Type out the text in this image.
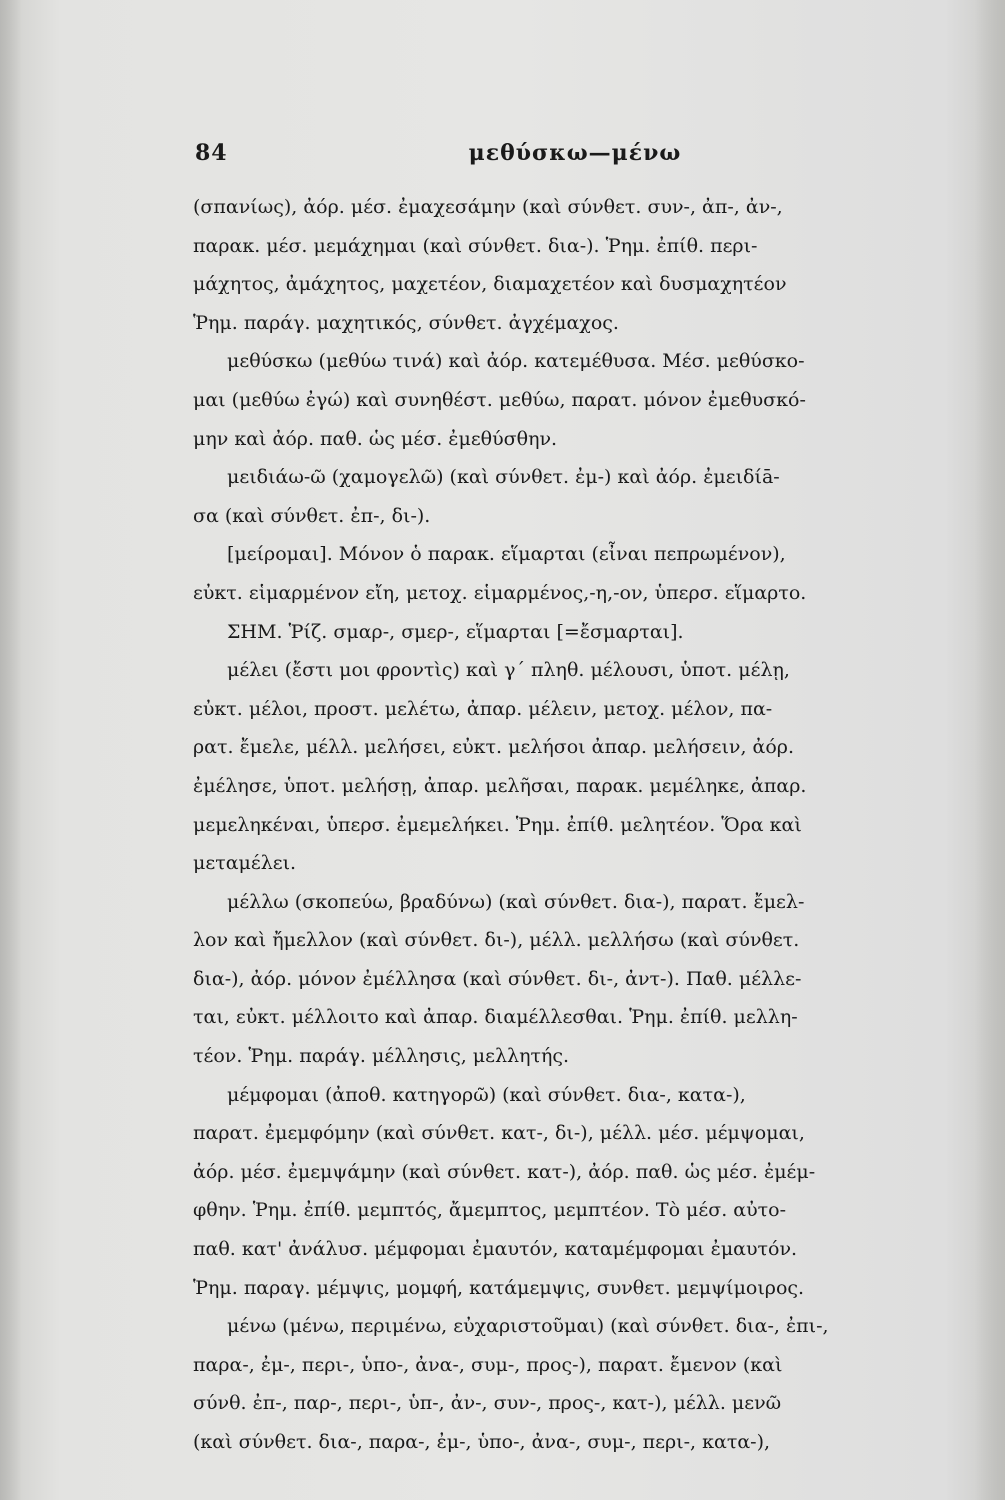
84	μεθύσκω—μένω
(σπανίως), ἀόρ. μέσ. ἐμαχεσάμην (καὶ σύνθετ. συν-, ἀπ-, ἀν-,
παρακ. μέσ. μεμάχημαι (καὶ σύνθετ. δια-). Ῥημ. ἐπίθ. περι-
μάχητος, ἀμάχητος, μαχετέον, διαμαχετέον καὶ δυσμαχητέον
Ῥημ. παράγ. μαχητικός, σύνθετ. ἀγχέμαχος.
μεθύσκω (μεθύω τινά) καὶ ἀόρ. κατεμέθυσα. Μέσ. μεθύσκο-
μαι (μεθύω ἐγώ) καὶ συνηθέστ. μεθύω, παρατ. μόνον ἐμεθυσκό-
μην καὶ ἀόρ. παθ. ὡς μέσ. ἐμεθύσθην.
μειδιάω-ῶ (χαμογελῶ) (καὶ σύνθετ. ἐμ-) καὶ ἀόρ. ἐμειδίā-
σα (καὶ σύνθετ. ἐπ-, δι-).
[μείρομαι]. Μόνον ὁ παρακ. εἵμαρται (εἶναι πεπρωμένον),
εὐκτ. εἱμαρμένον εἴη, μετοχ. εἱμαρμένος,-η,-ον, ὑπερσ. εἵμαρτο.
ΣΗΜ. Ῥίζ. σμαρ-, σμερ-, εἵμαρται [=ἔσμαρται].
μέλει (ἔστι μοι φροντὶς) καὶ γ΄ πληθ. μέλουσι, ὑποτ. μέλῃ,
εὐκτ. μέλοι, προστ. μελέτω, ἀπαρ. μέλειν, μετοχ. μέλον, πα-
ρατ. ἔμελε, μέλλ. μελήσει, εὐκτ. μελήσοι ἀπαρ. μελήσειν, ἀόρ.
ἐμέλησε, ὑποτ. μελήσῃ, ἀπαρ. μελῆσαι, παρακ. μεμέληκε, ἀπαρ.
μεμεληκέναι, ὑπερσ. ἐμεμελήκει. Ῥημ. ἐπίθ. μελητέον. Ὅρα καὶ
μεταμέλει.
μέλλω (σκοπεύω, βραδύνω) (καὶ σύνθετ. δια-), παρατ. ἔμελ-
λον καὶ ἤμελλον (καὶ σύνθετ. δι-), μέλλ. μελλήσω (καὶ σύνθετ.
δια-), ἀόρ. μόνον ἐμέλλησα (καὶ σύνθετ. δι-, ἀντ-). Παθ. μέλλε-
ται, εὐκτ. μέλλοιτο καὶ ἀπαρ. διαμέλλεσθαι. Ῥημ. ἐπίθ. μελλη-
τέον. Ῥημ. παράγ. μέλλησις, μελλητής.
μέμφομαι (ἀποθ. κατηγορῶ) (καὶ σύνθετ. δια-, κατα-),
παρατ. ἐμεμφόμην (καὶ σύνθετ. κατ-, δι-), μέλλ. μέσ. μέμψομαι,
ἀόρ. μέσ. ἐμεμψάμην (καὶ σύνθετ. κατ-), ἀόρ. παθ. ὡς μέσ. ἐμέμ-
φθην. Ῥημ. ἐπίθ. μεμπτός, ἄμεμπτος, μεμπτέον. Τὸ μέσ. αὐτο-
παθ. κατ' ἀνάλυσ. μέμφομαι ἐμαυτόν, καταμέμφομαι ἐμαυτόν.
Ῥημ. παραγ. μέμψις, μομφή, κατάμεμψις, συνθετ. μεμψίμοιρος.
μένω (μένω, περιμένω, εὐχαριστοῦμαι) (καὶ σύνθετ. δια-, ἐπι-,
παρα-, ἐμ-, περι-, ὑπο-, ἀνα-, συμ-, προς-), παρατ. ἔμενον (καὶ
σύνθ. ἐπ-, παρ-, περι-, ὑπ-, ἀν-, συν-, προς-, κατ-), μέλλ. μενῶ
(καὶ σύνθετ. δια-, παρα-, ἐμ-, ὑπο-, ἀνα-, συμ-, περι-, κατα-),
